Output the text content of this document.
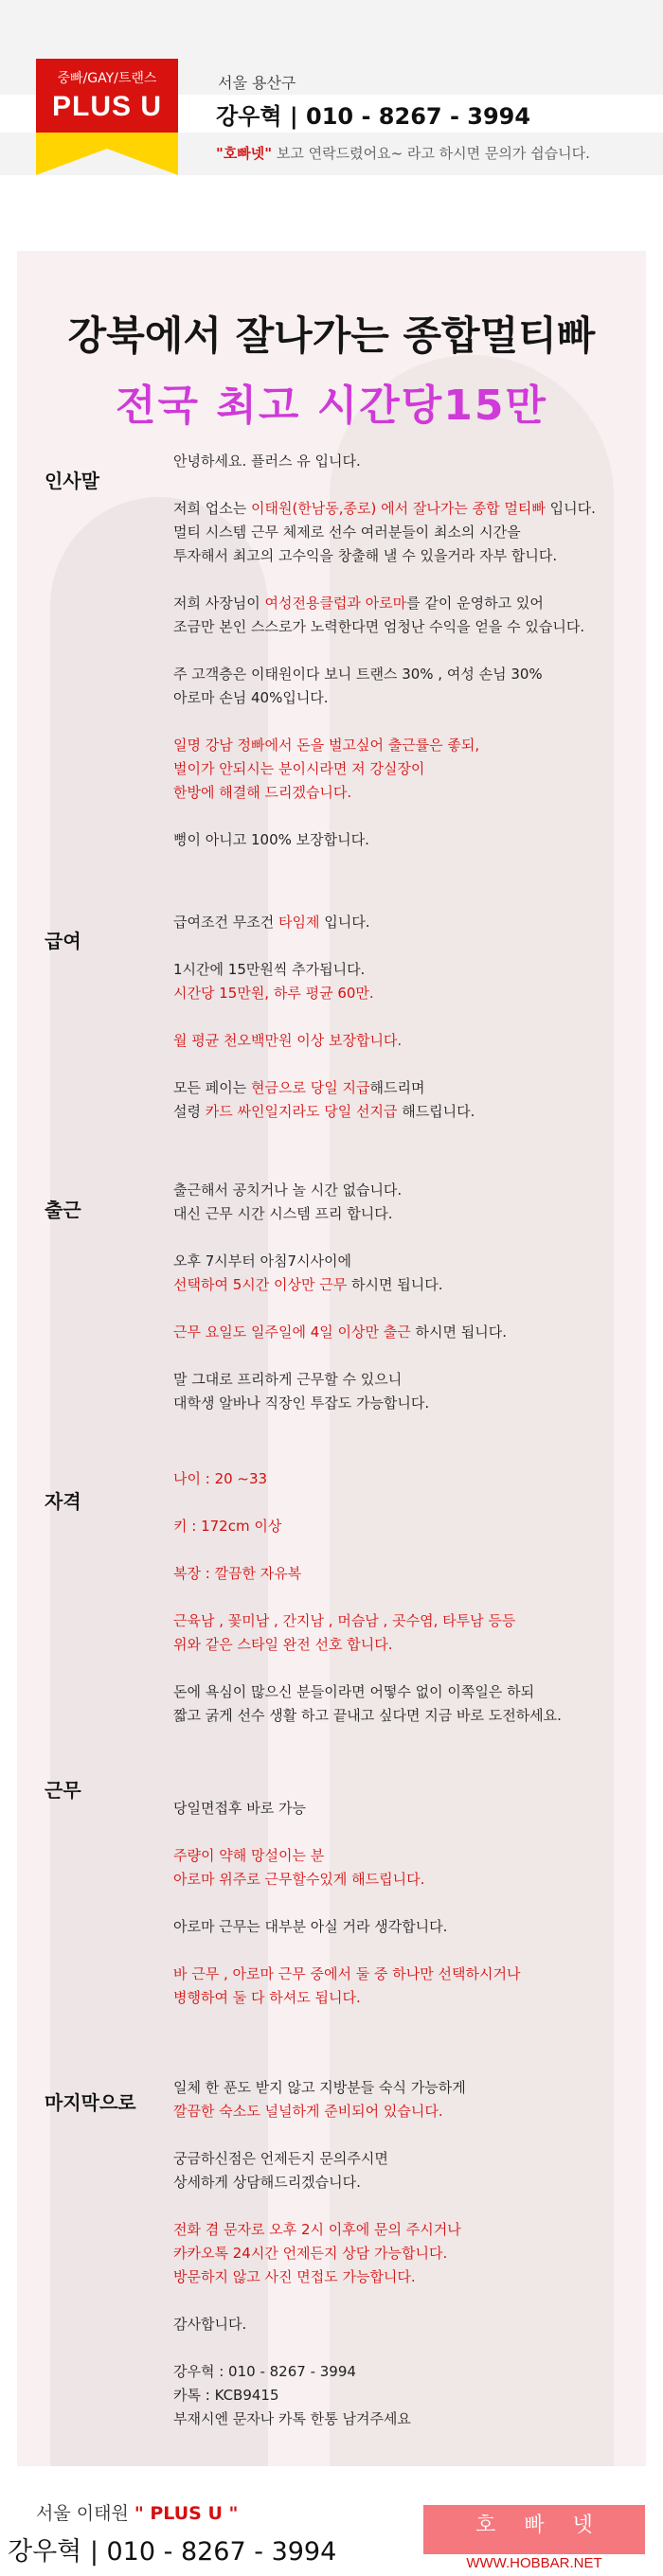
중빠/GAY/트랜스
PLUS U
서울 용산구
강우혁 | 010 - 8267 - 3994
"호빠넷" 보고 연락드렸어요~ 라고 하시면 문의가 쉽습니다.
강북에서 잘나가는 종합멀티빠
전국 최고 시간당15만
인사말

안녕하세요. 플러스 유 입니다.

저희 업소는 이태원(한남동,종로) 에서 잘나가는 종합 멀티빠 입니다.

멀티 시스템 근무 체제로 선수 여러분들이 최소의 시간을

투자해서 최고의 고수익을 창출해 낼 수 있을거라 자부 합니다.

저희 사장님이 여성전용클럽과 아로마를 같이 운영하고 있어

조금만 본인 스스로가 노력한다면 엄청난 수익을 얻을 수 있습니다.

주 고객층은 이태원이다 보니 트랜스 30% , 여성 손님 30%

아로마 손님 40%입니다.

일명 강남 정빠에서 돈을 벌고싶어 출근률은 좋되,

벌이가 안되시는 분이시라면 저 강실장이

한방에 해결해 드리겠습니다.

뻥이 아니고 100% 보장합니다.

급여

급여조건 무조건 타임제 입니다.

1시간에 15만원씩 추가됩니다.

시간당 15만원, 하루 평균 60만.

월 평균 천오백만원 이상 보장합니다.

모든 페이는 현금으로 당일 지급해드리며

설령 카드 싸인일지라도 당일 선지급 해드립니다.

출근

출근해서 공치거나 놀 시간 없습니다.

대신 근무 시간 시스템 프리 합니다.

오후 7시부터 아침7시사이에

선택하여 5시간 이상만 근무 하시면 됩니다.

근무 요일도 일주일에 4일 이상만 출근 하시면 됩니다.

말 그대로 프리하게 근무할 수 있으니

대학생 알바나 직장인 투잡도 가능합니다.

자격

나이 : 20 ~33

키 : 172cm 이상

복장 : 깔끔한 자유복

근육남 , 꽃미남 , 간지남 , 머슴남 , 곳수염, 타투남 등등

위와 같은 스타일 완전 선호 합니다.

돈에 욕심이 많으신 분들이라면 어떻수 없이 이쪽일은 하되

짧고 굵게 선수 생활 하고 끝내고 싶다면 지금 바로 도전하세요.

근무

당일면접후 바로 가능

주량이 약해 망설이는 분

아로마 위주로 근무할수있게 해드립니다.

아로마 근무는 대부분 아실 거라 생각합니다.

바 근무 , 아로마 근무 중에서 둘 중 하나만 선택하시거나

병행하여 둘 다 하셔도 됩니다.

마지막으로

일체 한 푼도 받지 않고 지방분들 숙식 가능하게

깔끔한 숙소도 널널하게 준비되어 있습니다.

궁금하신점은 언제든지 문의주시면

상세하게 상담해드리겠습니다.

전화 겸 문자로 오후 2시 이후에 문의 주시거나

카카오톡 24시간 언제든지 상담 가능합니다.

방문하지 않고 사진 면접도 가능합니다.

감사합니다.

강우혁 : 010 - 8267 - 3994

카톡 : KCB9415

부재시엔 문자나 카톡 한통 남겨주세요

서울 이태원 " PLUS U "
강우혁 | 010 - 8267 - 3994
호빠넷
WWW.HOBBAR.NET
